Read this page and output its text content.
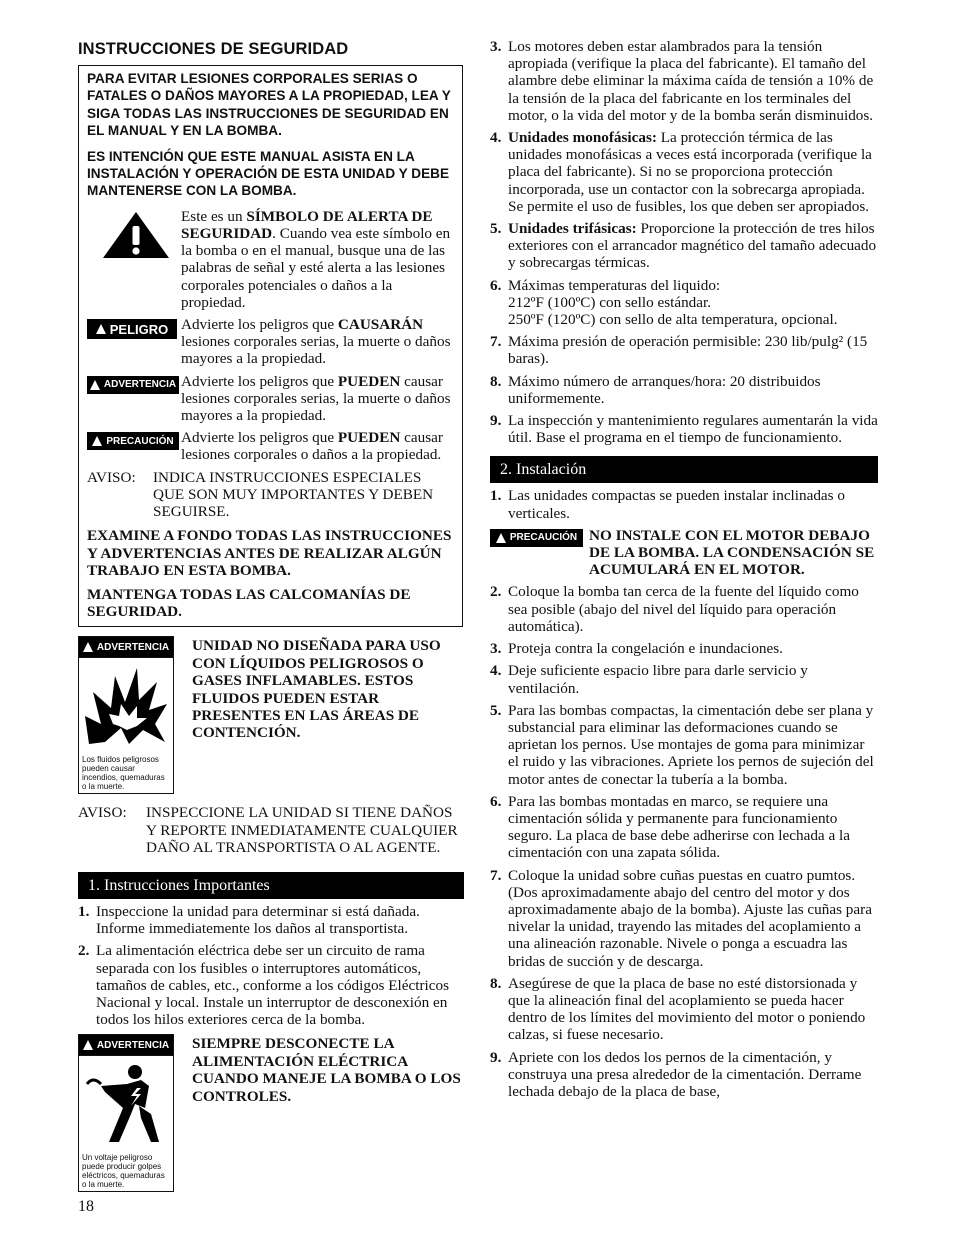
INSTRUCCIONES DE SEGURIDAD

PARA EVITAR LESIONES CORPORALES SERIAS O FATALES O DAÑOS MAYORES A LA PROPIEDAD, LEA Y SIGA TODAS LAS INSTRUCCIONES DE SEGURIDAD EN EL MANUAL Y EN LA BOMBA.

ES INTENCIÓN QUE ESTE MANUAL ASISTA EN LA INSTALACIÓN Y OPERACIÓN DE ESTA UNIDAD Y DEBE MANTENERSE CON LA BOMBA.

Este es un SÍMBOLO DE ALERTA DE SEGURIDAD. Cuando vea este símbolo en la bomba o en el manual, busque una de las palabras de señal y esté alerta a las lesiones corporales potenciales o daños a la propiedad.
PELIGRO Advierte los peligros que CAUSARÁN lesiones corporales serias, la muerte o daños mayores a la propiedad.
ADVERTENCIA Advierte los peligros que PUEDEN causar lesiones corporales serias, la muerte o daños mayores a la propiedad.
PRECAUCIÓN Advierte los peligros que PUEDEN causar lesiones corporales o daños a la propiedad.
AVISO:	INDICA INSTRUCCIONES ESPECIALES QUE SON MUY IMPORTANTES Y DEBEN SEGUIRSE.

EXAMINE A FONDO TODAS LAS INSTRUCCIONES Y ADVERTENCIAS ANTES DE REALIZAR ALGÚN TRABAJO EN ESTA BOMBA.

MANTENGA TODAS LAS CALCOMANÍAS DE SEGURIDAD.

ADVERTENCIA

Los fluidos peligrosos pueden causar incendios, quemaduras o la muerte.
UNIDAD NO DISEÑADA PARA USO CON LÍQUIDOS PELIGROSOS O GASES INFLAMABLES. ESTOS FLUIDOS PUEDEN ESTAR PRESENTES EN LAS ÁREAS DE CONTENCIÓN.
AVISO:	INSPECCIONE LA UNIDAD SI TIENE DAÑOS Y REPORTE INMEDIATAMENTE CUALQUIER DAÑO AL TRANSPORTISTA O AL AGENTE.
1. Instrucciones Importantes
1. Inspeccione la unidad para determinar si está dañada. Informe immediatemente los daños al transportista.
2. La alimentación eléctrica debe ser un circuito de rama separada con los fusibles o interruptores automáticos, tamaños de cables, etc., conforme a los códigos Eléctricos Nacional y local. Instale un interruptor de desconexión en todos los hilos exteriores cerca de la bomba.
ADVERTENCIA

Un voltaje peligroso puede producir golpes eléctricos, quemaduras o la muerte.
SIEMPRE DESCONECTE LA ALIMENTACIÓN ELÉCTRICA CUANDO MANEJE LA BOMBA O LOS CONTROLES.
3. Los motores deben estar alambrados para la tensión apropiada (verifique la placa del fabricante). El tamaño del alambre debe eliminar la máxima caída de tensión a 10% de la tensión de la placa del fabricante en los terminales del motor, o la vida del motor y de la bomba serán disminuidos.
4. Unidades monofásicas: La protección térmica de las unidades monofásicas a veces está incorporada (verifique la placa del fabricante). Si no se proporciona protección incorporada, use un contactor con la sobrecarga apropiada. Se permite el uso de fusibles, los que deben ser apropiados.
5. Unidades trifásicas: Proporcione la protección de tres hilos exteriores con el arrancador magnético del tamaño adecuado y sobrecargas térmicas.
6. Máximas temperaturas del liquido:
212ºF (100ºC) con sello estándar.
250ºF (120ºC) con sello de alta temperatura, opcional.
7. Máxima presión de operación permisible: 230 lib/pulg² (15 baras).
8. Máximo número de arranques/hora: 20 distribuidos uniformemente.
9. La inspección y mantenimiento regulares aumentarán la vida útil. Base el programa en el tiempo de funcionamiento.
2. Instalación
1. Las unidades compactas se pueden instalar inclinadas o verticales.
PRECAUCIÓN NO INSTALE CON EL MOTOR DEBAJO DE LA BOMBA. LA CONDENSACIÓN SE ACUMULARÁ EN EL MOTOR.
2. Coloque la bomba tan cerca de la fuente del líquido como sea posible (abajo del nivel del líquido para operación automática).
3. Proteja contra la congelación e inundaciones.
4. Deje suficiente espacio libre para darle servicio y ventilación.
5. Para las bombas compactas, la cimentación debe ser plana y substancial para eliminar las deformaciones cuando se aprietan los pernos. Use montajes de goma para minimizar el ruido y las vibraciones. Apriete los pernos de sujeción del motor antes de conectar la tubería a la bomba.
6. Para las bombas montadas en marco, se requiere una cimentación sólida y permanente para funcionamiento seguro. La placa de base debe adherirse con lechada a la cimentación con una zapata sólida.
7. Coloque la unidad sobre cuñas puestas en cuatro pumtos. (Dos aproximadamente abajo del centro del motor y dos aproximadamente abajo de la bomba). Ajuste las cuñas para nivelar la unidad, trayendo las mitades del acoplamiento a una alineación razonable. Nivele o ponga a escuadra las bridas de succión y de descarga.
8. Asegúrese de que la placa de base no esté distorsionada y que la alineación final del acoplamiento se pueda hacer dentro de los límites del movimiento del motor o poniendo calzas, si fuese necesario.
9. Apriete con los dedos los pernos de la cimentación, y construya una presa alrededor de la cimentación. Derrame lechada debajo de la placa de base,
18
